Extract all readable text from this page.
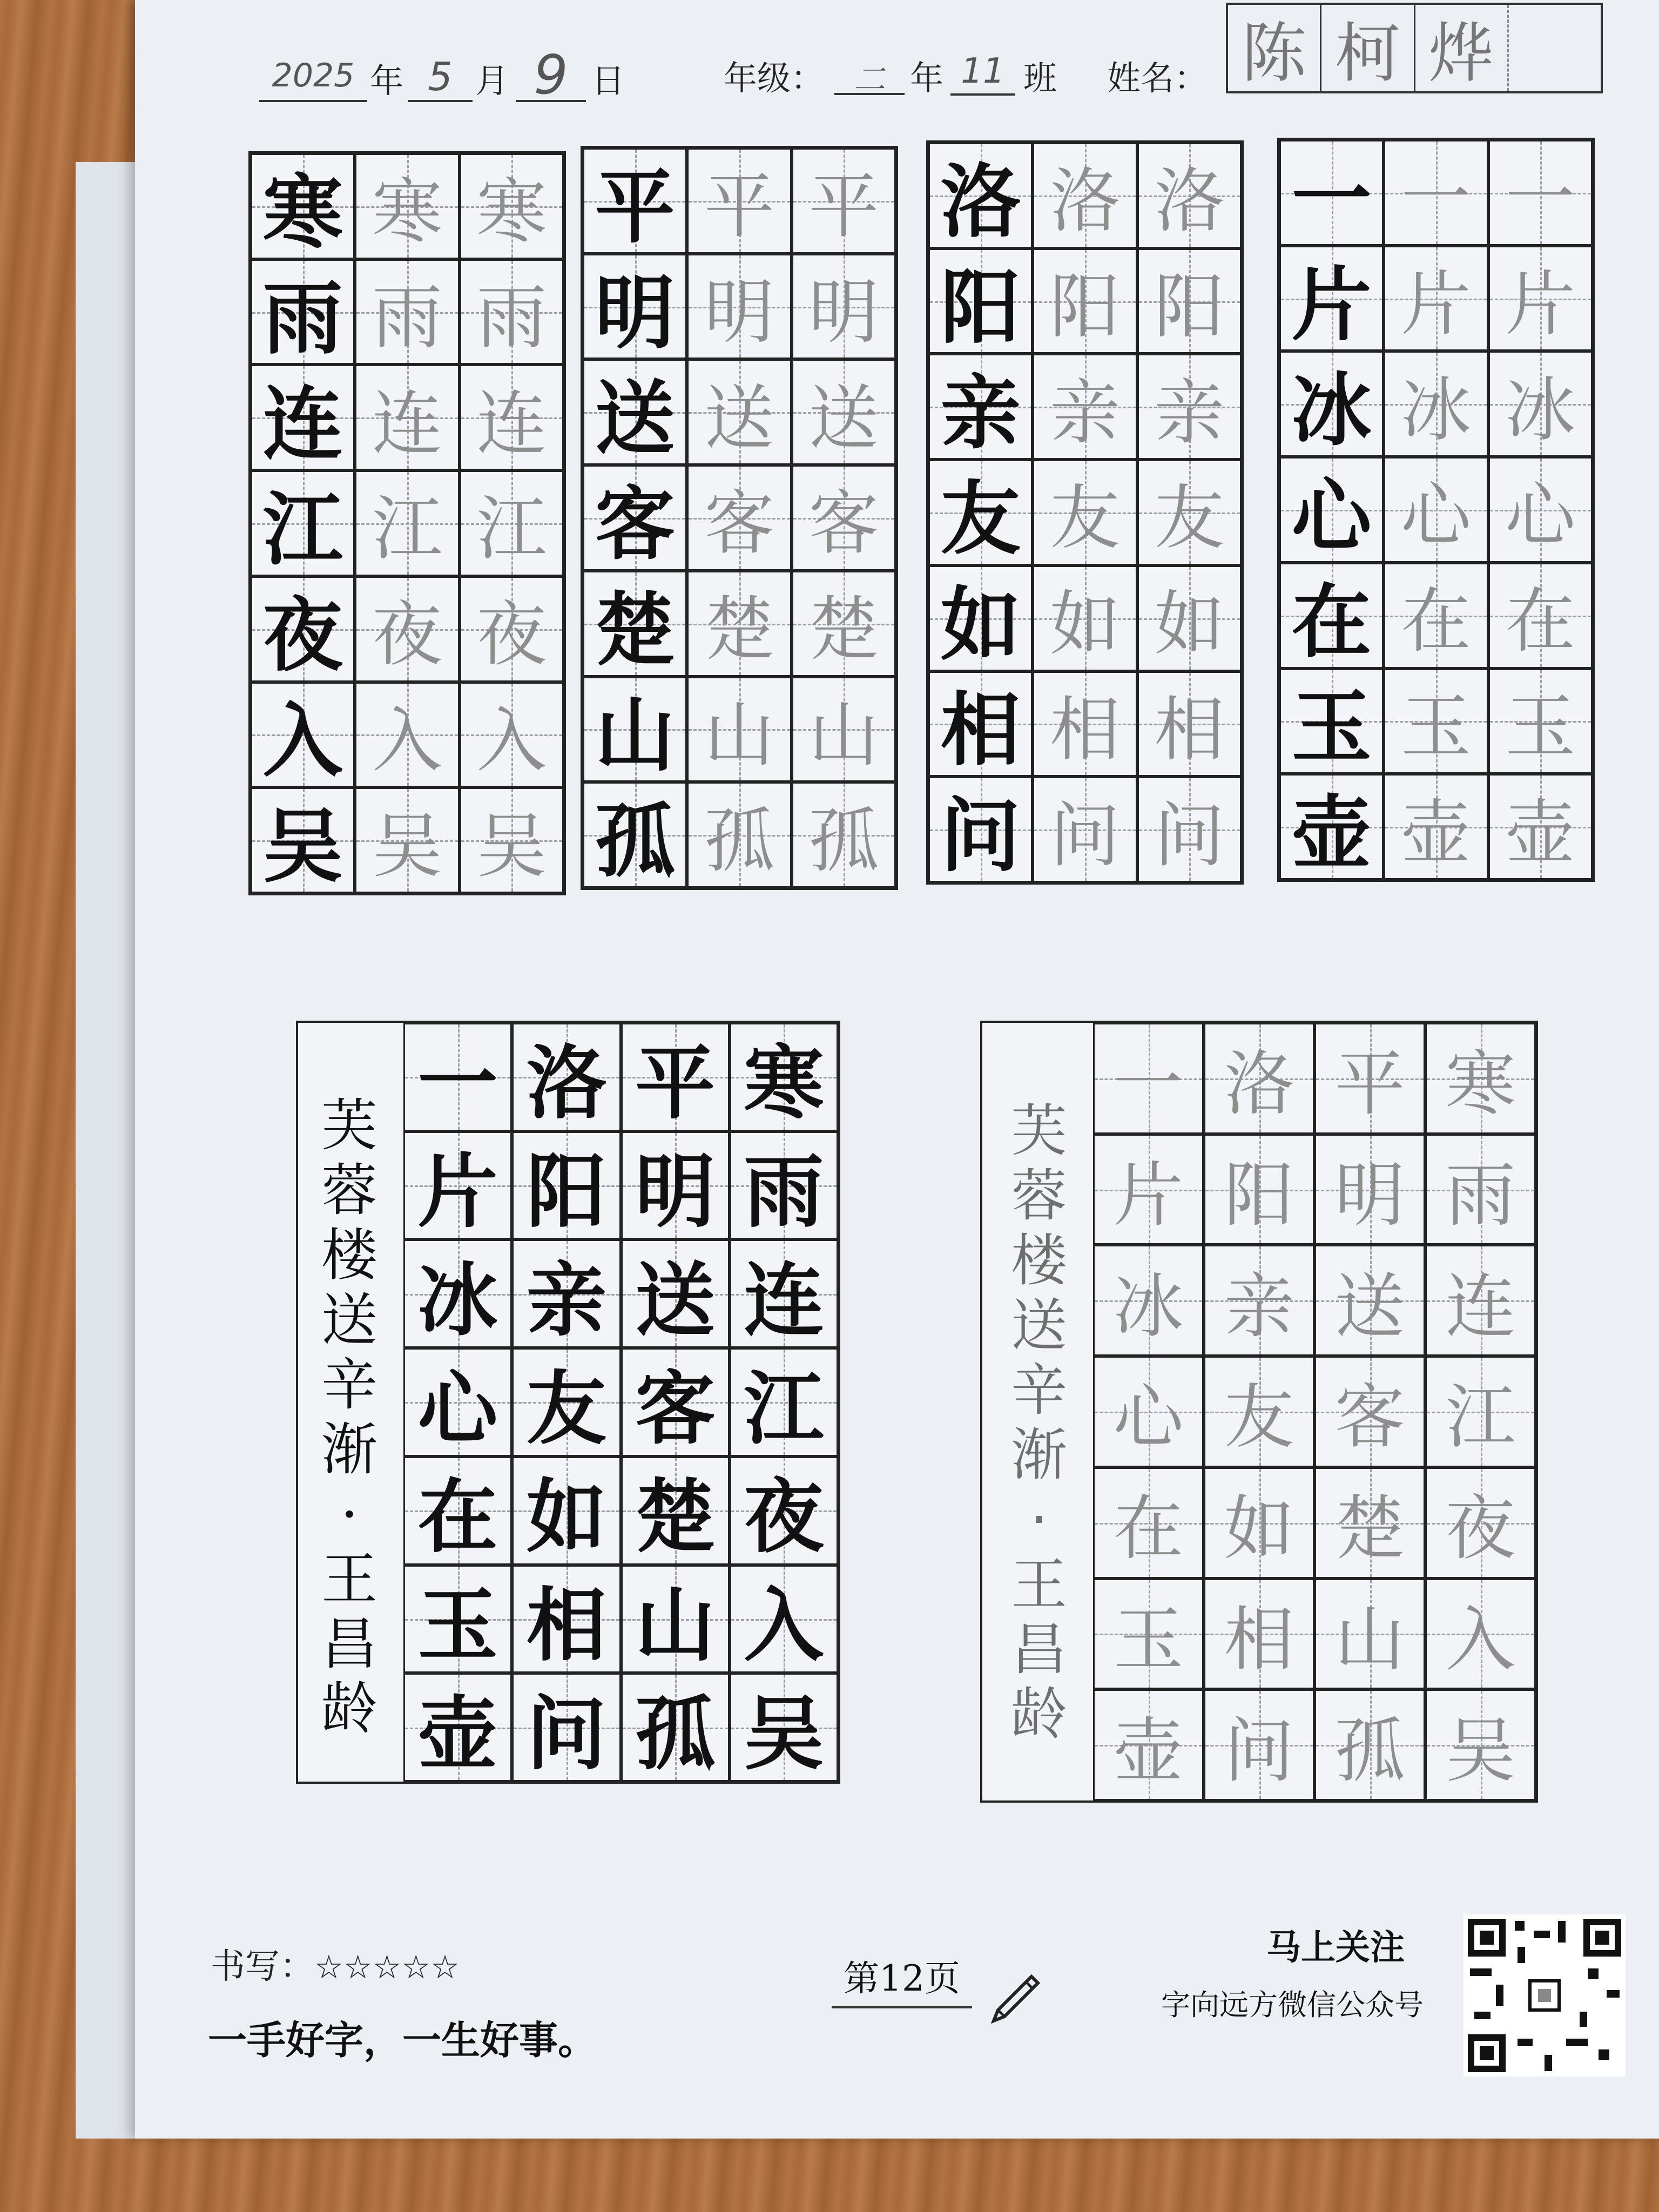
2025 年 5 月 9 日	年级： 二 年 11 班 姓名： 陈 柯 烨
寒 寒 寒
雨 雨 雨
连 连 连
江 江 江
夜 夜 夜
入 入 入
吴 吴 吴
平 平 平
明 明 明
送 送 送
客 客 客
楚 楚 楚
山 山 山
孤 孤 孤
洛 洛 洛
阳 阳 阳
亲 亲 亲
友 友 友
如 如 如
相 相 相
问 问 问
一 一 一
片 片 片
冰 冰 冰
心 心 心
在 在 在
玉 玉 玉
壶 壶 壶
芙
蓉
楼
送
辛
渐
·
王
昌
龄
寒
雨
连
江
夜
入
吴
平
明
送
客
楚
山
孤
洛
阳
亲
友
如
相
问
一
片
冰
心
在
玉
壶
芙
蓉
楼
送
辛
渐
·
王
昌
龄
寒
雨
连
江
夜
入
吴
平
明
送
客
楚
山
孤
洛
阳
亲
友
如
相
问
一
片
冰
心
在
玉
壶
书写：☆☆☆☆☆
一手好字，一生好事。
第12页
马上关注
字向远方微信公众号
